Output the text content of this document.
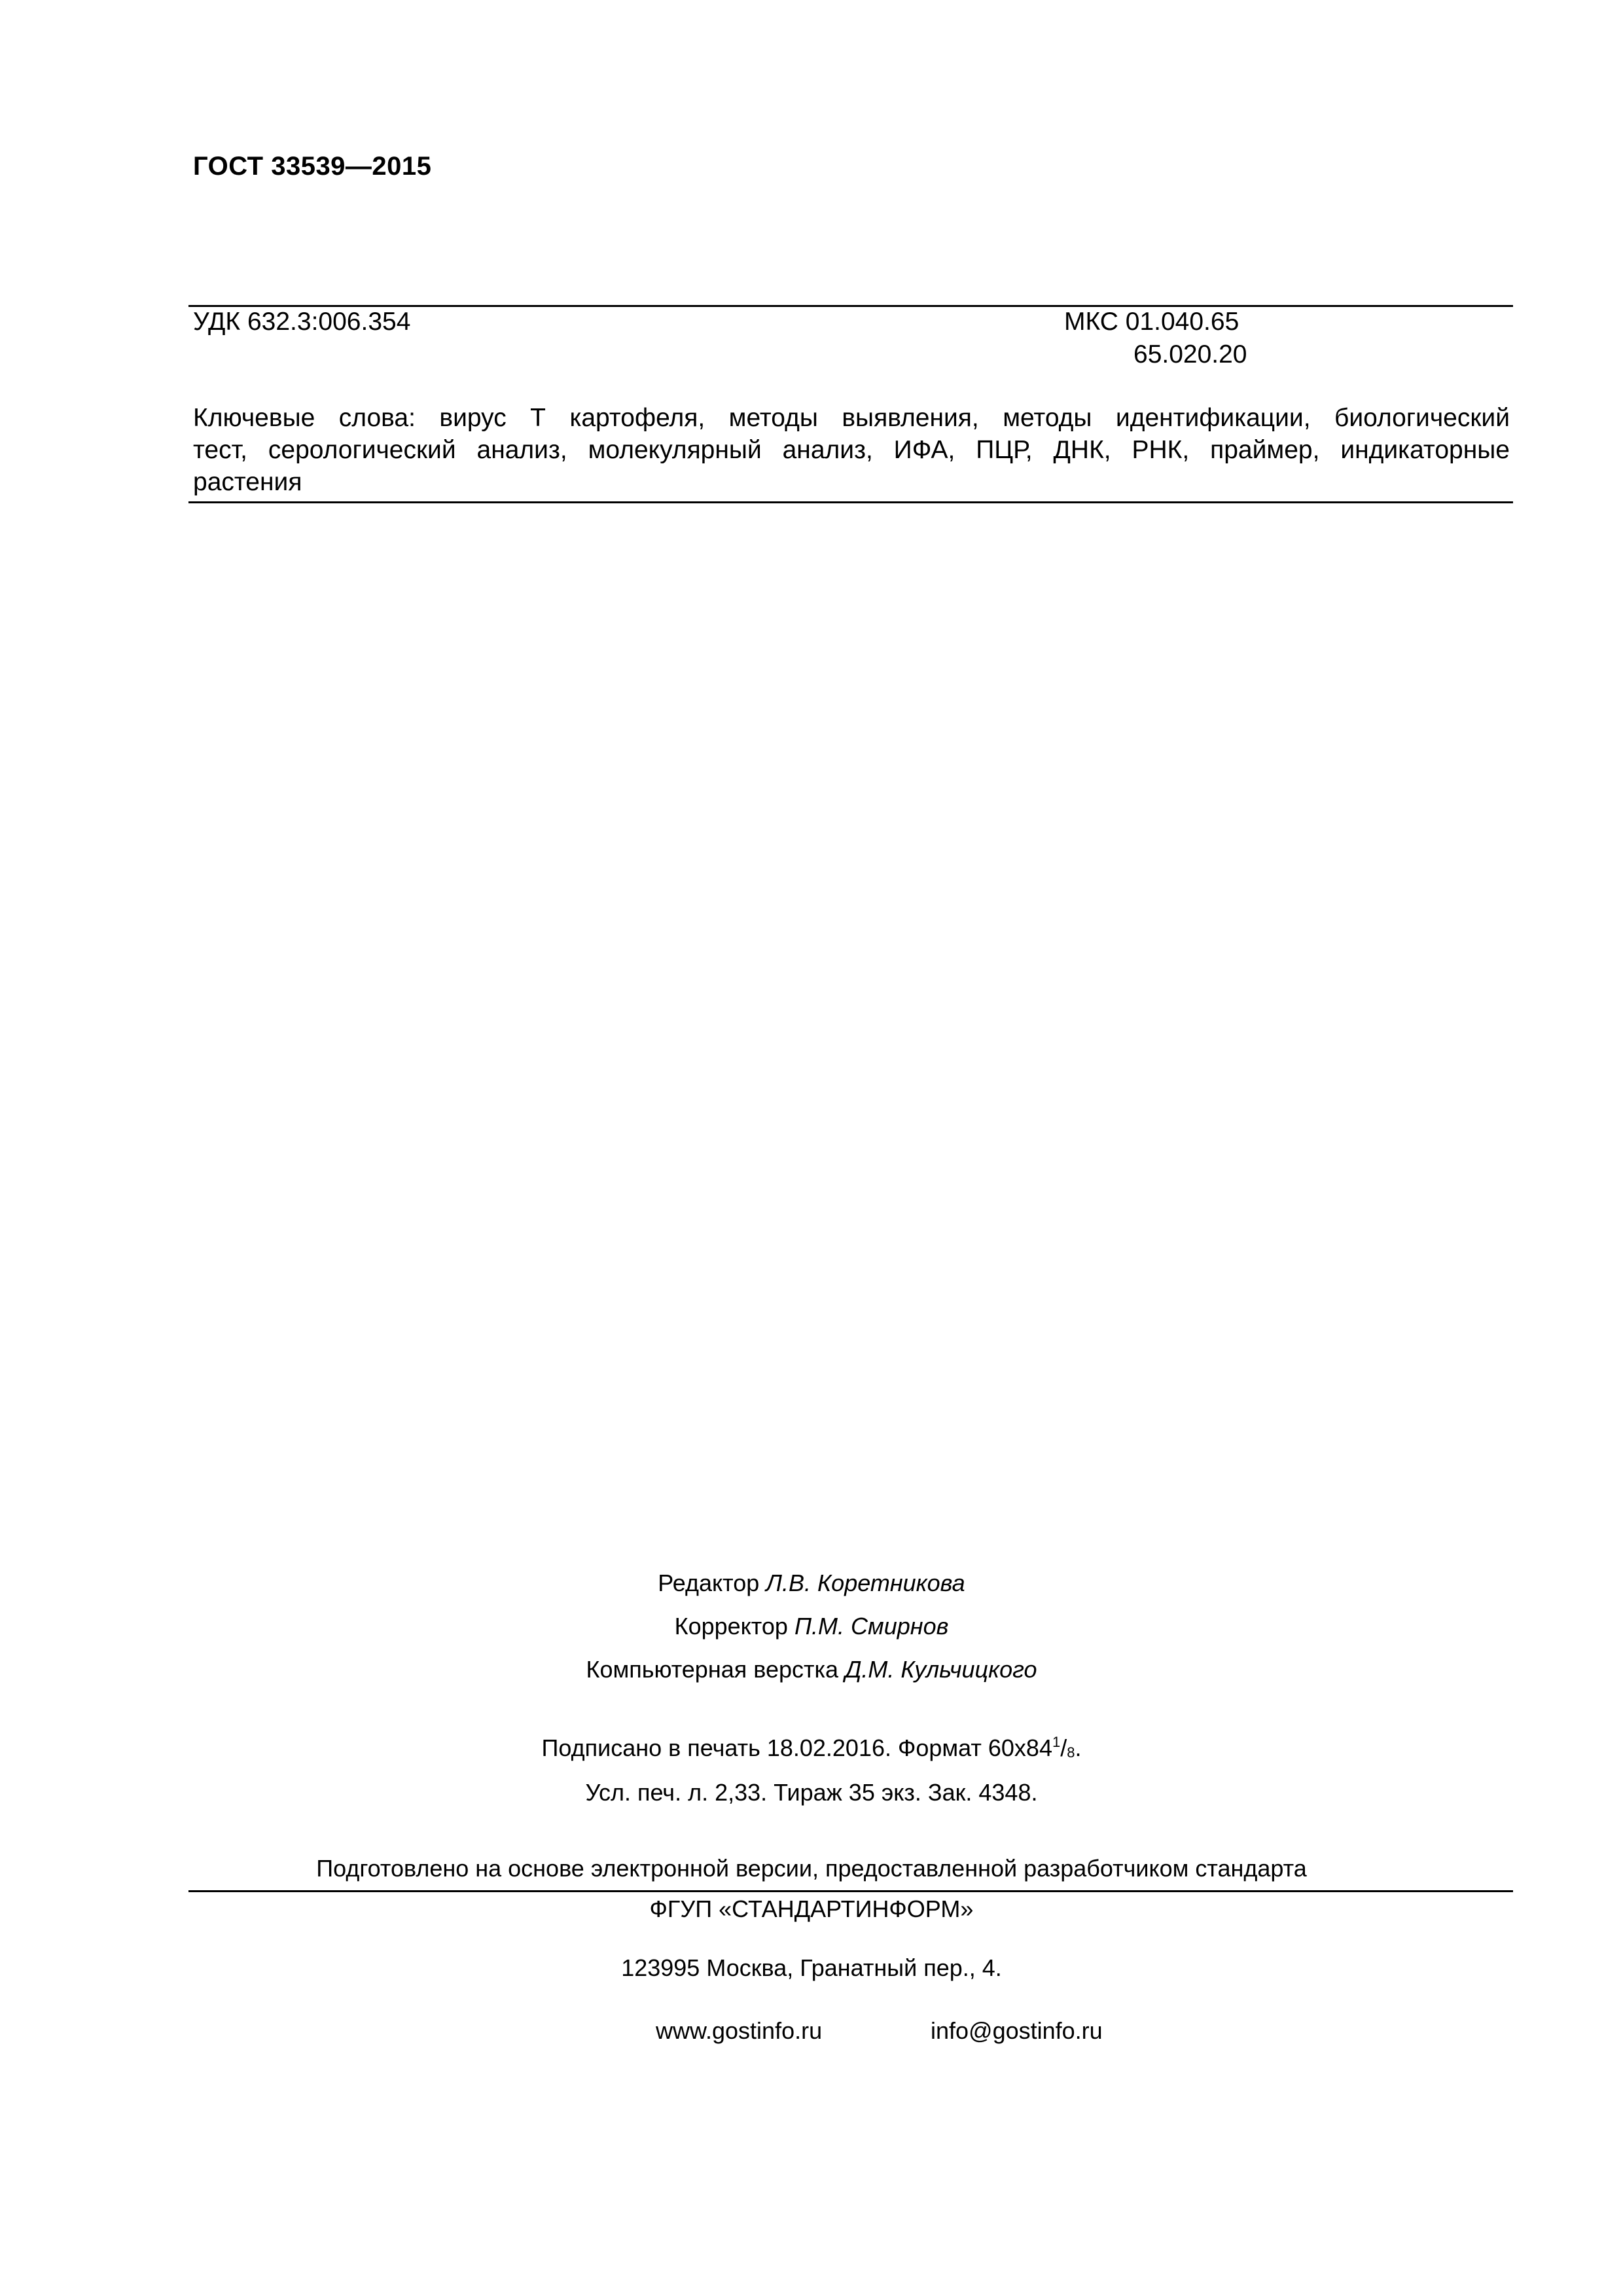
ГОСТ 33539—2015
УДК 632.3:006.354	МКС 01.040.65
65.020.20
Ключевые слова: вирус Т картофеля, методы выявления, методы идентификации, биологический
тест, серологический анализ, молекулярный анализ, ИФА, ПЦР, ДНК, РНК, праймер, индикаторные
растения
Редактор Л.В. Коретникова
Корректор П.М. Смирнов
Компьютерная верстка Д.М. Кульчицкого
Подписано в печать 18.02.2016. Формат $60х84^1/_8$.
Усл. печ. л. 2,33. Тираж 35 экз. Зак. 4348.
Подготовлено на основе электронной версии, предоставленной разработчиком стандарта
ФГУП «СТАНДАРТИНФОРМ»
123995 Москва, Гранатный пер., 4.
www.gostinfo.ru	info@gostinfo.ru
